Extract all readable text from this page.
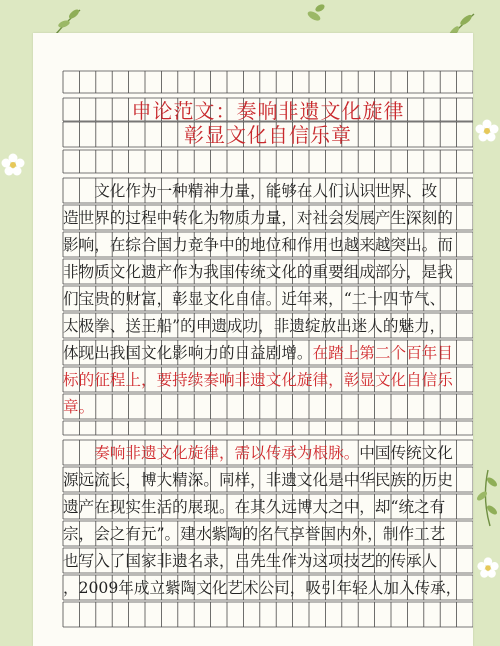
申论范文：奏响非遗文化旋律
彰显文化自信乐章
　　文化作为一种精神力量，能够在人们认识世界、改
造世界的过程中转化为物质力量，对社会发展产生深刻的
影响，在综合国力竞争中的地位和作用也越来越突出。而
非物质文化遗产作为我国传统文化的重要组成部分，是我
们宝贵的财富，彰显文化自信。近年来，“二十四节气、
太极拳、送王船”的申遗成功，非遗绽放出迷人的魅力，
体现出我国文化影响力的日益剧增。在踏上第二个百年目
标的征程上，要持续奏响非遗文化旋律，彰显文化自信乐
章。
　　奏响非遗文化旋律，需以传承为根脉。中国传统文化
源远流长，博大精深。同样，非遗文化是中华民族的历史
遗产在现实生活的展现。在其久远博大之中，却“统之有
宗，会之有元”。建水紫陶的名气享誉国内外，制作工艺
也写入了国家非遗名录，吕先生作为这项技艺的传承人
，2009年成立紫陶文化艺术公司，吸引年轻人加入传承，
